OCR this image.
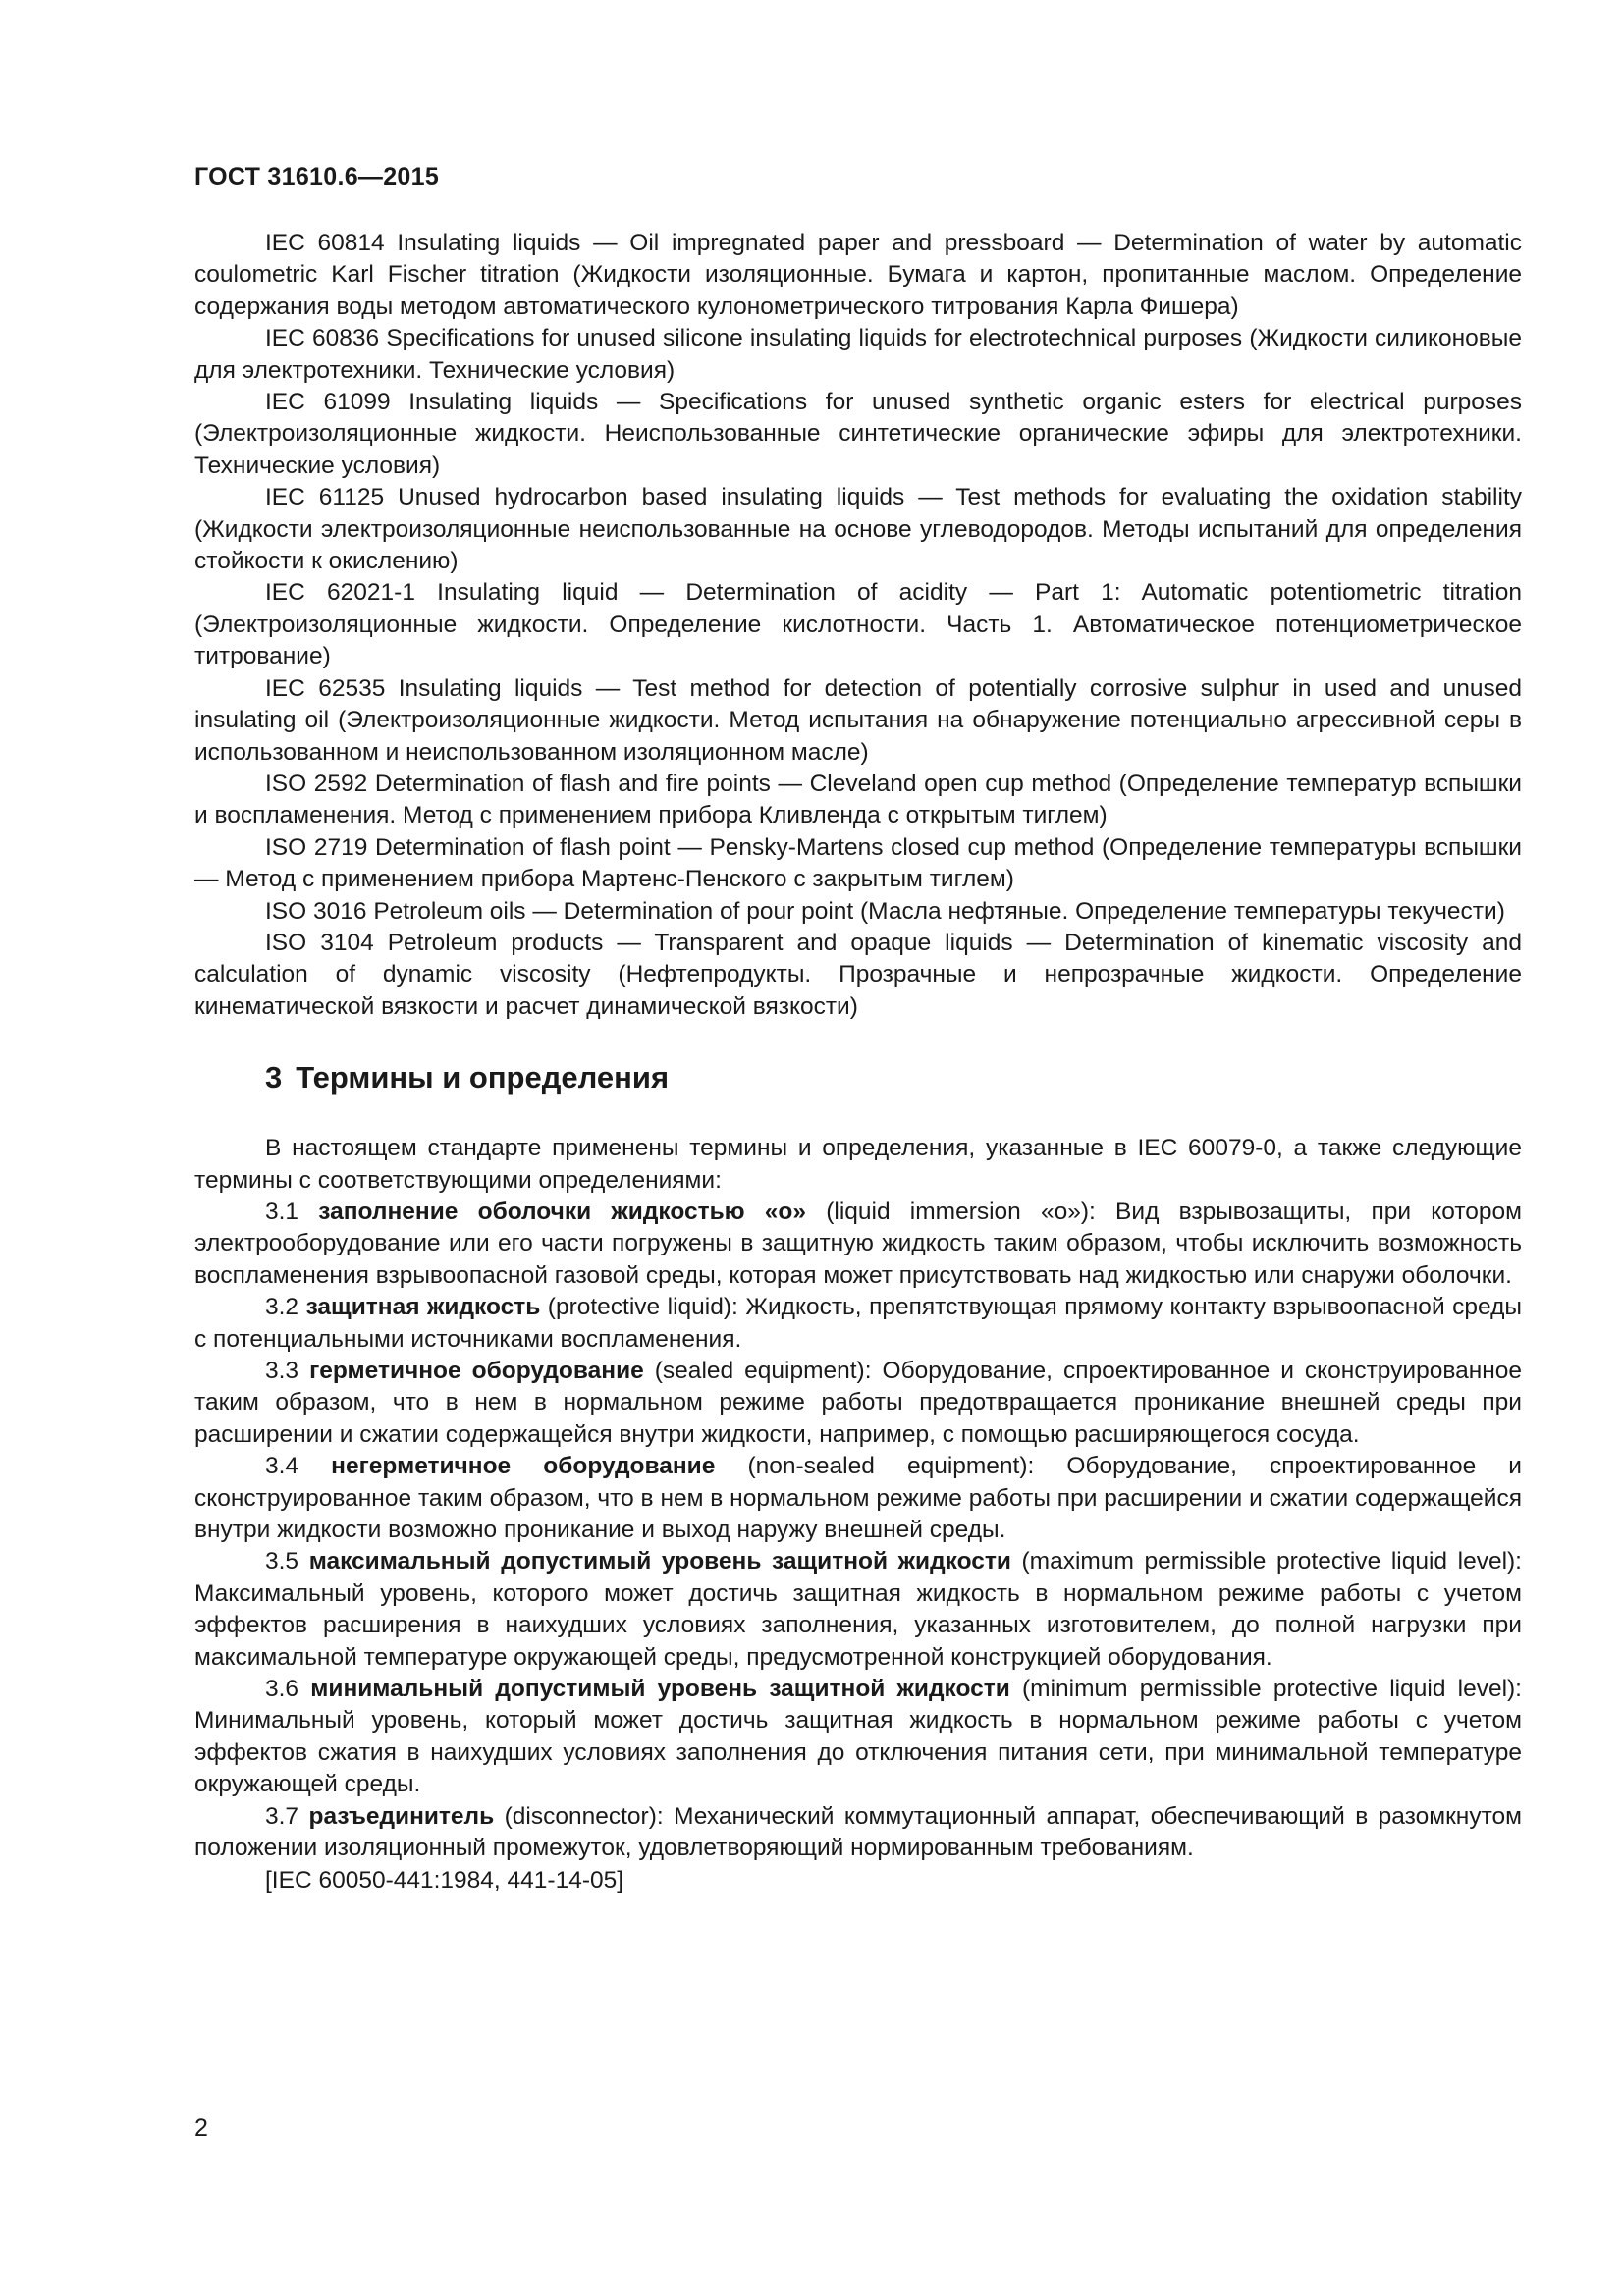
ГОСТ 31610.6—2015

IEC 60814 Insulating liquids — Oil impregnated paper and pressboard — Determination of water by automatic coulometric Karl Fischer titration (Жидкости изоляционные. Бумага и картон, пропитанные маслом. Определение содержания воды методом автоматического кулонометрического титрования Карла Фишера)

IEC 60836 Specifications for unused silicone insulating liquids for electrotechnical purposes (Жидкости силиконовые для электротехники. Технические условия)

IEC 61099 Insulating liquids — Specifications for unused synthetic organic esters for electrical purposes (Электроизоляционные жидкости. Неиспользованные синтетические органические эфиры для электротехники. Технические условия)

IEC 61125 Unused hydrocarbon based insulating liquids — Test methods for evaluating the oxidation stability (Жидкости электроизоляционные неиспользованные на основе углеводородов. Методы испытаний для определения стойкости к окислению)

IEC 62021-1 Insulating liquid — Determination of acidity — Part 1: Automatic potentiometric titration (Электроизоляционные жидкости. Определение кислотности. Часть 1. Автоматическое потенциометрическое титрование)

IEC 62535 Insulating liquids — Test method for detection of potentially corrosive sulphur in used and unused insulating oil (Электроизоляционные жидкости. Метод испытания на обнаружение потенциально агрессивной серы в использованном и неиспользованном изоляционном масле)

ISO 2592 Determination of flash and fire points — Cleveland open cup method (Определение температур вспышки и воспламенения. Метод с применением прибора Кливленда с открытым тиглем)

ISO 2719 Determination of flash point — Pensky-Martens closed cup method (Определение температуры вспышки — Метод с применением прибора Мартенс-Пенского с закрытым тиглем)

ISO 3016 Petroleum oils — Determination of pour point (Масла нефтяные. Определение температуры текучести)

ISO 3104 Petroleum products — Transparent and opaque liquids — Determination of kinematic viscosity and calculation of dynamic viscosity (Нефтепродукты. Прозрачные и непрозрачные жидкости. Определение кинематической вязкости и расчет динамической вязкости)

3 Термины и определения

В настоящем стандарте применены термины и определения, указанные в IEC 60079-0, а также следующие термины с соответствующими определениями:

3.1 заполнение оболочки жидкостью «о» (liquid immersion «o»): Вид взрывозащиты, при котором электрооборудование или его части погружены в защитную жидкость таким образом, чтобы исключить возможность воспламенения взрывоопасной газовой среды, которая может присутствовать над жидкостью или снаружи оболочки.

3.2 защитная жидкость (protective liquid): Жидкость, препятствующая прямому контакту взрывоопасной среды с потенциальными источниками воспламенения.

3.3 герметичное оборудование (sealed equipment): Оборудование, спроектированное и сконструированное таким образом, что в нем в нормальном режиме работы предотвращается проникание внешней среды при расширении и сжатии содержащейся внутри жидкости, например, с помощью расширяющегося сосуда.

3.4 негерметичное оборудование (non-sealed equipment): Оборудование, спроектированное и сконструированное таким образом, что в нем в нормальном режиме работы при расширении и сжатии содержащейся внутри жидкости возможно проникание и выход наружу внешней среды.

3.5 максимальный допустимый уровень защитной жидкости (maximum permissible protective liquid level): Максимальный уровень, которого может достичь защитная жидкость в нормальном режиме работы с учетом эффектов расширения в наихудших условиях заполнения, указанных изготовителем, до полной нагрузки при максимальной температуре окружающей среды, предусмотренной конструкцией оборудования.

3.6 минимальный допустимый уровень защитной жидкости (minimum permissible protective liquid level): Минимальный уровень, который может достичь защитная жидкость в нормальном режиме работы с учетом эффектов сжатия в наихудших условиях заполнения до отключения питания сети, при минимальной температуре окружающей среды.

3.7 разъединитель (disconnector): Механический коммутационный аппарат, обеспечивающий в разомкнутом положении изоляционный промежуток, удовлетворяющий нормированным требованиям.

[IEC 60050-441:1984, 441-14-05]

2
